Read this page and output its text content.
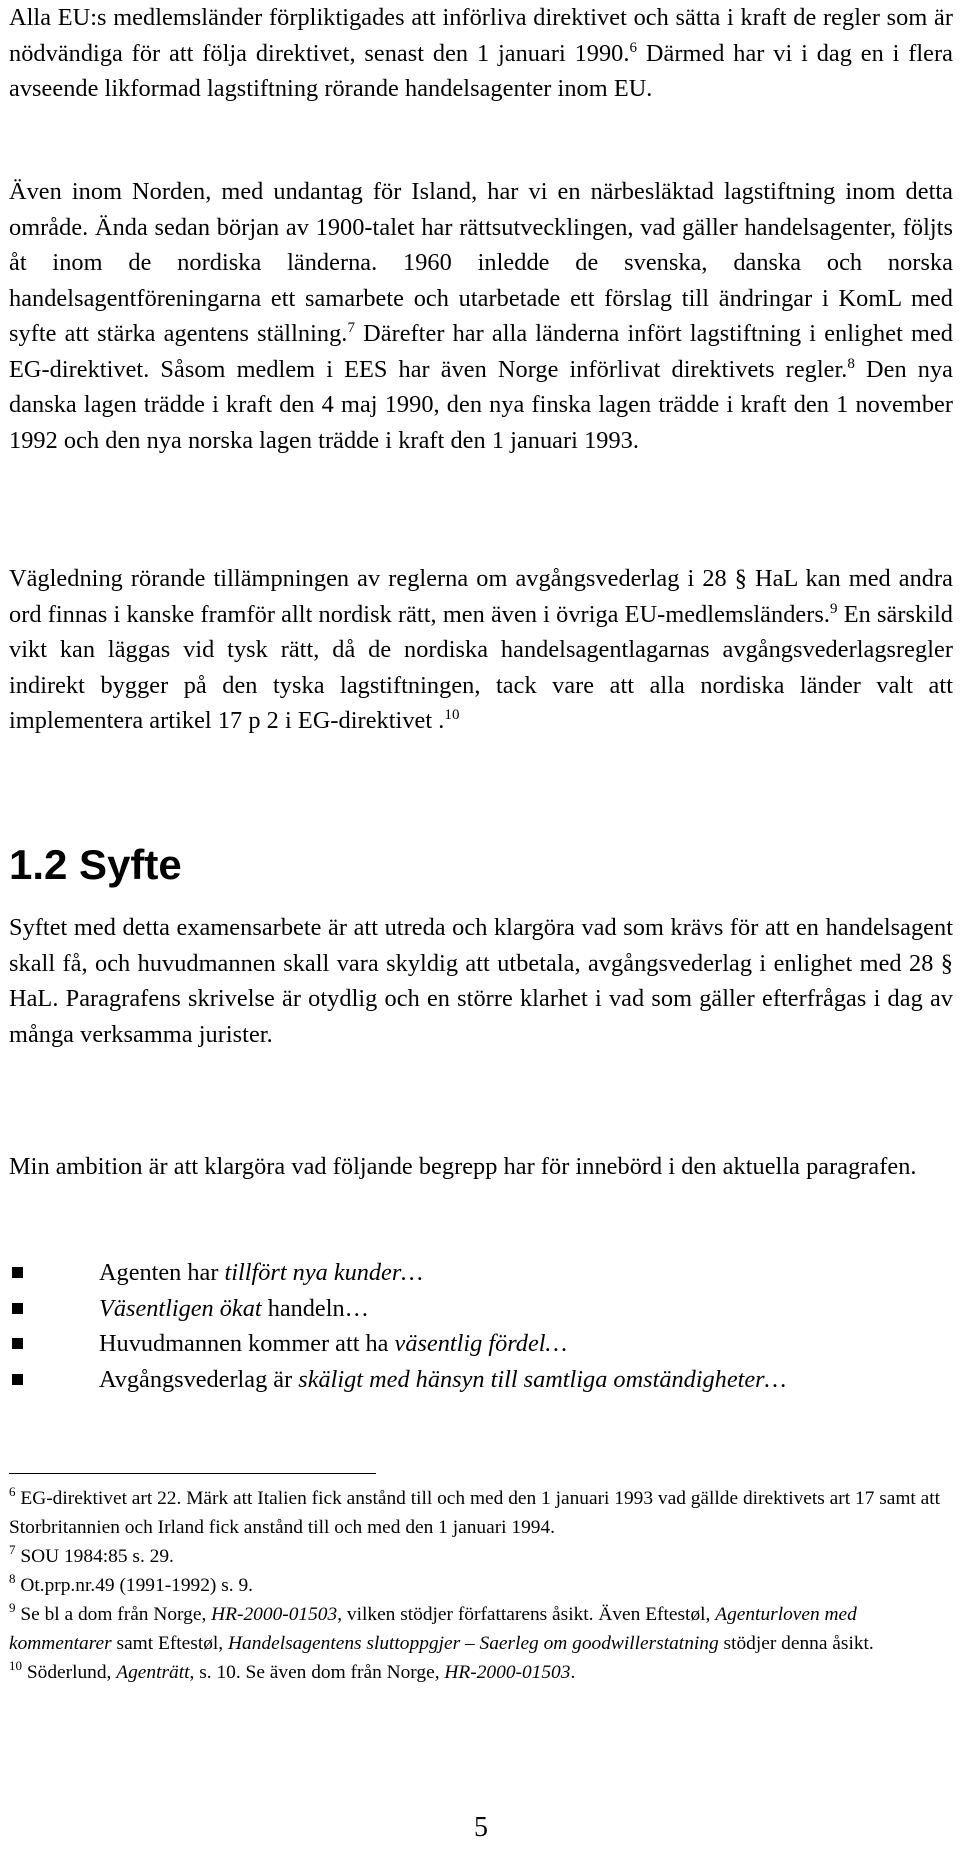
Alla EU:s medlemsländer förpliktigades att införliva direktivet och sätta i kraft de regler som är nödvändiga för att följa direktivet, senast den 1 januari 1990.$^6$ Därmed har vi i dag en i flera avseende likformad lagstiftning rörande handelsagenter inom EU.

Även inom Norden, med undantag för Island, har vi en närbesläktad lagstiftning inom detta område. Ända sedan början av 1900-talet har rättsutvecklingen, vad gäller handelsagenter, följts åt inom de nordiska länderna. 1960 inledde de svenska, danska och norska handelsagentföreningarna ett samarbete och utarbetade ett förslag till ändringar i KomL med syfte att stärka agentens ställning.$^7$ Därefter har alla länderna infört lagstiftning i enlighet med EG-direktivet. Såsom medlem i EES har även Norge införlivat direktivets regler.$^8$ Den nya danska lagen trädde i kraft den 4 maj 1990, den nya finska lagen trädde i kraft den 1 november 1992 och den nya norska lagen trädde i kraft den 1 januari 1993.

Vägledning rörande tillämpningen av reglerna om avgångsvederlag i 28 § HaL kan med andra ord finnas i kanske framför allt nordisk rätt, men även i övriga EU-medlemsländers.$^9$ En särskild vikt kan läggas vid tysk rätt, då de nordiska handelsagentlagarnas avgångsvederlagsregler indirekt bygger på den tyska lagstiftningen, tack vare att alla nordiska länder valt att implementera artikel 17 p 2 i EG-direktivet .$^{10}$

1.2 Syfte

Syftet med detta examensarbete är att utreda och klargöra vad som krävs för att en handelsagent skall få, och huvudmannen skall vara skyldig att utbetala, avgångsvederlag i enlighet med 28 § HaL. Paragrafens skrivelse är otydlig och en större klarhet i vad som gäller efterfrågas i dag av många verksamma jurister.

Min ambition är att klargöra vad följande begrepp har för innebörd i den aktuella paragrafen.

Agenten har tillfört nya kunder…
Väsentligen ökat handeln…
Huvudmannen kommer att ha väsentlig fördel…
Avgångsvederlag är skäligt med hänsyn till samtliga omständigheter…

$^6$ EG-direktivet art 22. Märk att Italien fick anstånd till och med den 1 januari 1993 vad gällde direktivets art 17 samt att Storbritannien och Irland fick anstånd till och med den 1 januari 1994.

$^7$ SOU 1984:85 s. 29.

$^8$ Ot.prp.nr.49 (1991-1992) s. 9.

$^9$ Se bl a dom från Norge, HR-2000-01503, vilken stödjer författarens åsikt. Även Eftestøl, Agenturloven med kommentarer samt Eftestøl, Handelsagentens sluttoppgjer – Saerleg om goodwillerstatning stödjer denna åsikt.

$^{10}$ Söderlund, Agenträtt, s. 10. Se även dom från Norge, HR-2000-01503.

5
